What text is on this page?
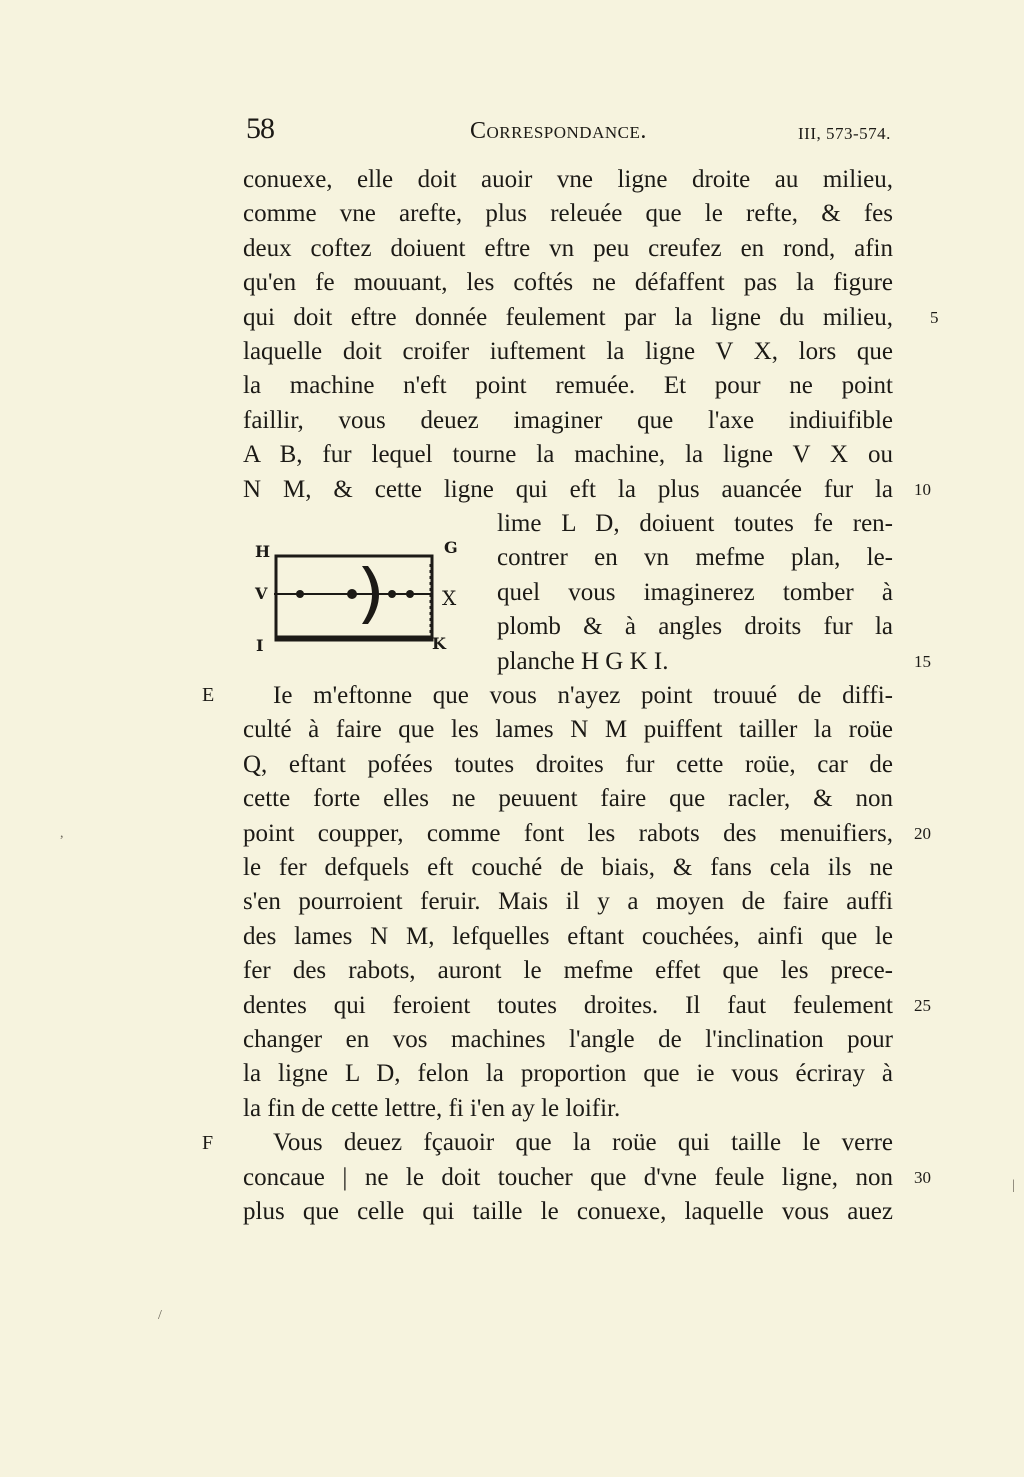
58	Correspondance.	III, 573-574.
conuexe, elle doit auoir vne ligne droite au milieu,
comme vne arefte, plus releuée que le refte, & fes
deux coftez doiuent eftre vn peu creufez en rond, afin
qu'en fe mouuant, les coftés ne défaffent pas la figure
qui doit eftre donnée feulement par la ligne du milieu,
laquelle doit croifer iuftement la ligne V X, lors que
la machine n'eft point remuée. Et pour ne point
faillir, vous deuez imaginer que l'axe indiuifible
A B, fur lequel tourne la machine, la ligne V X ou
N M, & cette ligne qui eft la plus auancée fur la
lime L D, doiuent toutes fe ren-
contrer en vn mefme plan, le-
quel vous imaginerez tomber à
plomb & à angles droits fur la
planche H G K I.
Ie m'eftonne que vous n'ayez point trouué de diffi-
culté à faire que les lames N M puiffent tailler la roüe
Q, eftant pofées toutes droites fur cette roüe, car de
cette forte elles ne peuuent faire que racler, & non
point coupper, comme font les rabots des menuifiers,
le fer defquels eft couché de biais, & fans cela ils ne
s'en pourroient feruir. Mais il y a moyen de faire auffi
des lames N M, lefquelles eftant couchées, ainfi que le
fer des rabots, auront le mefme effet que les prece-
dentes qui feroient toutes droites. Il faut feulement
changer en vos machines l'angle de l'inclination pour
la ligne L D, felon la proportion que ie vous écriray à
la fin de cette lettre, fi i'en ay le loifir.
Vous deuez fçauoir que la roüe qui taille le verre
concaue | ne le doit toucher que d'vne feule ligne, non
plus que celle qui taille le conuexe, laquelle vous auez
E
F
5
10
15
20
25
30
H	G
V	X
I	K
/
,
|
